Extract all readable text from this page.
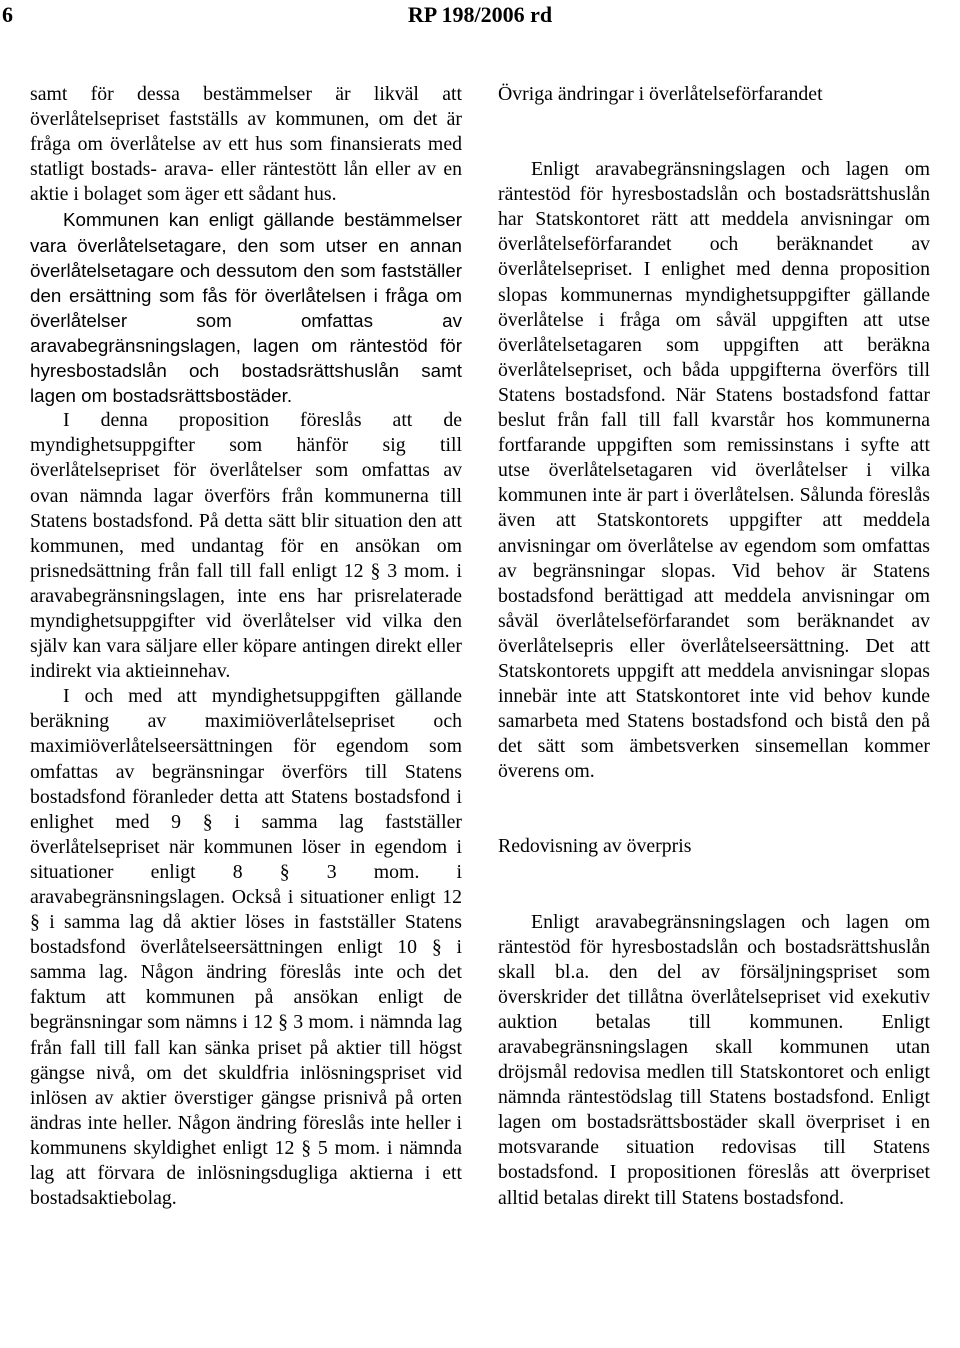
6	RP 198/2006 rd

samt för dessa bestämmelser är likväl att överlåtelsepriset fastställs av kommunen, om det är fråga om överlåtelse av ett hus som finansierats med statligt bostads- arava- eller räntestött lån eller av en aktie i bolaget som äger ett sådant hus.

Kommunen kan enligt gällande bestämmelser vara överlåtelsetagare, den som utser en annan överlåtelsetagare och dessutom den som fastställer den ersättning som fås för överlåtelsen i fråga om överlåtelser som omfattas av aravabegränsningslagen, lagen om räntestöd för hyresbostadslån och bostadsrättshuslån samt lagen om bostadsrättsbostäder.

I denna proposition föreslås att de myndighetsuppgifter som hänför sig till överlåtelsepriset för överlåtelser som omfattas av ovan nämnda lagar överförs från kommunerna till Statens bostadsfond. På detta sätt blir situation den att kommunen, med undantag för en ansökan om prisnedsättning från fall till fall enligt 12 § 3 mom. i aravabegränsningslagen, inte ens har prisrelaterade myndighetsuppgifter vid överlåtelser vid vilka den själv kan vara säljare eller köpare antingen direkt eller indirekt via aktieinnehav.

I och med att myndighetsuppgiften gällande beräkning av maximiöverlåtelsepriset och maximiöverlåtelseersättningen för egendom som omfattas av begränsningar överförs till Statens bostadsfond föranleder detta att Statens bostadsfond i enlighet med 9 § i samma lag fastställer överlåtelsepriset när kommunen löser in egendom i situationer enligt 8 § 3 mom. i aravabegränsningslagen. Också i situationer enligt 12 § i samma lag då aktier löses in fastställer Statens bostadsfond överlåtelseersättningen enligt 10 § i samma lag. Någon ändring föreslås inte och det faktum att kommunen på ansökan enligt de begränsningar som nämns i 12 § 3 mom. i nämnda lag från fall till fall kan sänka priset på aktier till högst gängse nivå, om det skuldfria inlösningspriset vid inlösen av aktier överstiger gängse prisnivå på orten ändras inte heller. Någon ändring föreslås inte heller i kommunens skyldighet enligt 12 § 5 mom. i nämnda lag att förvara de inlösningsdugliga aktierna i ett bostadsaktiebolag.

Övriga ändringar i överlåtelseförfarandet

Enligt aravabegränsningslagen och lagen om räntestöd för hyresbostadslån och bostadsrättshuslån har Statskontoret rätt att meddela anvisningar om överlåtelseförfarandet och beräknandet av överlåtelsepriset. I enlighet med denna proposition slopas kommunernas myndighetsuppgifter gällande överlåtelse i fråga om såväl uppgiften att utse överlåtelsetagaren som uppgiften att beräkna överlåtelsepriset, och båda uppgifterna överförs till Statens bostadsfond. När Statens bostadsfond fattar beslut från fall till fall kvarstår hos kommunerna fortfarande uppgiften som remissinstans i syfte att utse överlåtelsetagaren vid överlåtelser i vilka kommunen inte är part i överlåtelsen. Sålunda föreslås även att Statskontorets uppgifter att meddela anvisningar om överlåtelse av egendom som omfattas av begränsningar slopas. Vid behov är Statens bostadsfond berättigad att meddela anvisningar om såväl överlåtelseförfarandet som beräknandet av överlåtelsepris eller överlåtelseersättning. Det att Statskontorets uppgift att meddela anvisningar slopas innebär inte att Statskontoret inte vid behov kunde samarbeta med Statens bostadsfond och bistå den på det sätt som ämbetsverken sinsemellan kommer överens om.

Redovisning av överpris

Enligt aravabegränsningslagen och lagen om räntestöd för hyresbostadslån och bostadsrättshuslån skall bl.a. den del av försäljningspriset som överskrider det tillåtna överlåtelsepriset vid exekutiv auktion betalas till kommunen. Enligt aravabegränsningslagen skall kommunen utan dröjsmål redovisa medlen till Statskontoret och enligt nämnda räntestödslag till Statens bostadsfond. Enligt lagen om bostadsrättsbostäder skall överpriset i en motsvarande situation redovisas till Statens bostadsfond. I propositionen föreslås att överpriset alltid betalas direkt till Statens bostadsfond.
